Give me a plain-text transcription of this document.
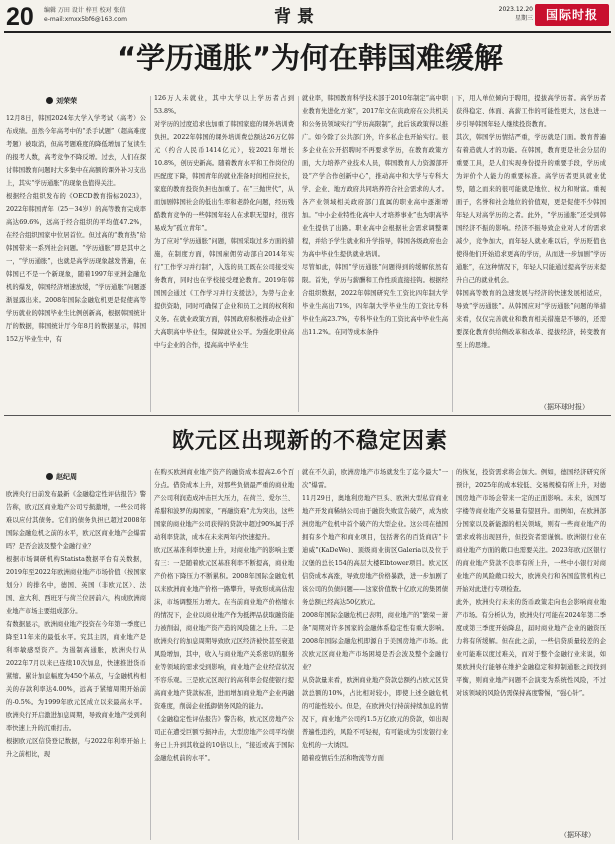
20 编辑 万田 设计 梓亘 校对 张信
e-mail:xmxx5bf6@163.com	背景	2023.12.20
星期三	国际时报
“学历通胀”为何在韩国难缓解
刘荣荣
12月8日，韩国2024年大学入学考试（高考）公布成绩。虽然今年高考中的“杀手试题”（超高难度考题）被取消，但高考题难度的降低增加了复读生的报考人数，高考竞争不降反增。过去，人们在探讨韩国教育问题时大多集中在高额的课外补习支出上，其实“学历通胀”的现象也值得关注。
根据经合组织发布的《OECD教育指标2023》，2022年韩国青年（25－34岁）的高等教育完成率高达69.6%，远高于经合组织的平均值47.2%，在经合组织国家中位居首位。但过高的“教育热”给韩国带来一系列社会问题。“学历通胀”即是其中之一，“学历通胀”，也就是高学历现象越发普遍，在韩国已不是一个新现象，随着1997年亚洲金融危机的爆发，韩国经济增速放缓，“学历通胀”问题逐渐显露出来。2008年国际金融危机更是促使高等学历就业的韩国毕业生比例创新高，根据韩国统计厅的数据，韩国统计厅今年8月的数据显示，韩国152万毕业生中，有
126万人未就业，其中大学以上学历者占到53.8%。
对学历的过度追求也加重了韩国家庭的课外培训费负担。2022年韩国的课外培训费总额达26万亿韩元（约合人民币1414亿元），较2021年增长10.8%，创历史新高。随着教育水平和工作岗位的匹配度下降，韩国青年的就业准备时间相应拉长，家庭的教育投资负担也加重了。在“三抛世代”，从而加剧韩国社会的低出生率和老龄化问题，经历残酷教育竞争的一些韩国年轻人在求职无望时，很容易成为“孤立青年”。
为了应对“学历通胀”问题，韩国采取过多方面的措施，在制度方面，韩国雇佣劳动部自2014年实行“工作学习并行制”，入选的员工既在公司接受实务教育，同时也在学校接受理论教育。2019年韩国国会通过《工作学习并行支援法》，为勞与企业提供资助，同时可确保了企业和员工之间的权利和义务。在就业政策方面，韩国政府积极推动企业扩大高职高中毕业生，保障就业公平。为强化职业高中与企业的合作，提高高中毕业生
就业率，韩国教育科学技术部于2010年制定“高中职业教育先进化方案”，2017年文在寅政府在公共机关和公务员领域实行“学历高限制”，此后该政策得以推广。如今除了公共部门外，许多私企也开始实行。很多企业在公开招聘时不再要求学历，在教育政策方面，大力培养产业技术人员，韩国教育人力资源部开设“产学合作创新中心”，推动高中和大学与专科大学、企业、地方政府共同培养符合社会需求的人才。各产业领域相关政府部门直属的职业高中逐渐增加。“中小企业特性化高中人才培养事业”也为职高毕业生提供了出路。职业高中会根据社会需求调整课程，并给予学生就业和升学指导，韩国各级政府也会为高中毕业生提供就业培训。
尽管如此，韩国“学历通胀”问题得到的缓解依然有限。首先，学历与薪酬和工作性质直接挂钩。根据经合组织数据，2022年韩国研究生工资比四年制大学毕业生高出71%，四年制大学毕业生的工资比专科毕业生高23.7%，专科毕业生的工资比高中毕业生高出11.2%。在同等成本条件
下，用人单位倾向于聘用，提拔高学历者。高学历者获得稳定、体面、高薪工作的可能性更大，这也进一步引导韩国年轻人继续投资教育。
其次，韩国学历情结严重，学历就是门面。教育普遍有着造就人才的功能。在韩国，教育更是社会分层的重要工具，是人们实现身份提升的重要手段，学历成为评价个人能力的重要标准。高学历者更具就业优势，随之而来的很可能就是地位、权力和财富。重视面子，名誉和社会地位的价值观，更是促使不少韩国年轻人对高学历的之者。此外，“学历通胀”还受到韩国经济不振的影响。经济不振导致企业对人才的需求减少，竞争加大，而年轻人就业难以后，学历贬值也使得他们开始追求更高的学历，从而进一步加剧“学历通胀”，在这种情况下，年轻人只能通过提高学历来提升自己的就业机会。
韩国高等教育的急速发展与经济的快速发展相适应，导致“学历通胀”。从韩国应对“学历通胀”问题的举措来看，仅仅完善就业和教育相关措施是不够的，还需要深化教育供给侧改革和改革、提拔经济，转变教育至上的思维。
（据环球时报）
欧元区出现新的不稳定因素
赵纪周
欧洲央行日前发布最新《金融稳定性评估报告》警告称，欧元区商业地产公司亏损激增，一些公司将难以应付其债务。它们的债务负担已超过2008年国际金融危机之前的水平，欧元区商业地产会爆雷吗？是否会波及整个金融行业？
根据市场调研机构Statista数据平台有关数据，2019年至2022年欧洲商业地产市场价值（按国家划分）的排名中，德国、英国（非欧元区）、法国、意大利、西班牙与荷兰位居前六，构成欧洲商业地产市场主要组成部分。
有数据显示，欧洲商业地产投资在今年第一季度已降至11年来的最低水平。究其主因，商业地产是利率敏感型资产。为遏制高通胀，欧洲央行从2022年7月以来已连续10次加息，快速推进货币紧缩。累计加息幅度为450个基点，与金融机构相关的存款利率达4.00%，远高于紧缩周期开始前的-0.5%。为1999年欧元区成立以来最高水平。欧洲央行开启激进加息周期，导致商业地产受到利率快速上升的沉重打击。
根据欧元区信贷登记数据，与2022年利率开始上升之前相比，现
在购买欧洲商业地产资产的融资成本提高2.6个百分点。借贷成本上升，对那些负债最严重的商业地产公司利润造成冲击巨大压力，在荷兰、爱尔兰、希腊和波罗的海国家，“再融资难”尤为突出，这些国家的商业地产公司获得的贷款中超过90%属于浮动利率贷款，成本在未来两年内快速提升。
欧元区基准利率快速上升，对商业地产的影响主要有三：一是随着欧元区基准利率不断提高，商业地产价格下降压力不断累积。2008年国际金融危机以来欧洲商业地产价格一路攀升，导致形成高估泡沫，市场调整压力增大。在当前商业地产价格缩水的情况下，企业以商业地产作为抵押品获取融资能力被削弱，商业地产资产造的风险随之上升。二是欧洲央行的加息周期导致欧元区经济被快甚至衰退风险增加，其中，收入与商业地产关系密切的服务业等领域的需求受到影响，商业地产企业经营状况不容乐观。三是欧元区现行的高利率会促使银行提高商业地产贷款标准，进而增加商业地产企业再融资难度，削弱企业抵御债务风险的能力。
《金融稳定性评估报告》警告称，欧元区房地产公司正在遭受巨额亏损冲击，大型房地产公司平均债务已上升到其收益的10倍以上，“接近或高于国际金融危机前的水平”。
就在不久前，欧洲房地产市场就发生了迄今最大“一次”爆雷。
11月29日，奥地利房地产巨头、欧洲大型私营商业地产开发商稀纳公司由于融资失败宣告破产，成为欧洲房地产危机中首个破产的大型企业。这公司在德国拥有多个地产和商业项目，包括著名的百货商店“卡迪威”(KaDeWe)、顶级商业街区Galeria以及位于汉堡的总长154的高层大楼Elbtower项目。欧元区信贷成本高涨，导致房地产价格暴跌，进一步加剧了该公司的负债问题——这家价值数十亿欧元的集团债务总额已经高达50亿欧元。
2008年国际金融危机已表明，商业地产的“繁荣－萧条”周期对许多国家的金融体系稳定性有重大影响。2008年国际金融危机即源自于美国房地产市场。此次欧元区商业地产市场困境是否会波及整个金融行业？
从贷款量来看，欧洲商业地产贷款总额约占欧元区贷款总额的10%，占比相对较小，即使上述全融危机的可能性较小。但是，在欧洲央行持前持续加息的情况下，商业地产公司约1.5万亿欧元的贷款，如出现普遍性违约，风险不可轻视，有可能成为引发银行业危机的一大诱因。
随着疫情后生活和物流等方面
的恢复，投资需求将会加大。例如，德国经济研究所预计，2025年的成本较低、交易规模有所上升，对德国房地产市场会带来一定的正面影响。未来，该国写字楼等商业地产交易量有望回升。而例如，在欧洲部分国家以及新能源的相关领域，则有一些商业地产的需求或将出现回升，但投资者需谨慎。欧洲银行业在商业地产方面的敞口也需要关注。2023年欧元区银行的商业地产贷款不良率有所上升，一些中小银行对商业地产的风险敞口较大，欧洲央行和各国监管机构已开始对此进行专项检查。
此外，欧洲央行未来的货币政策走向也会影响商业地产市场。有分析认为，欧洲央行可能在2024年第二季度或第三季度开始降息，届时商业地产企业的融资压力将有所缓解。但在此之前，一些信贷质量较差的企业可能难以度过难关，而对于整个金融行业来说，如果欧洲央行能够在维护金融稳定和抑制通胀之间找到平衡，则商业地产问题不会演变为系统性风险，不过对该领域的风险仍需保持高度警惕，“强心针”。
（据环球）
